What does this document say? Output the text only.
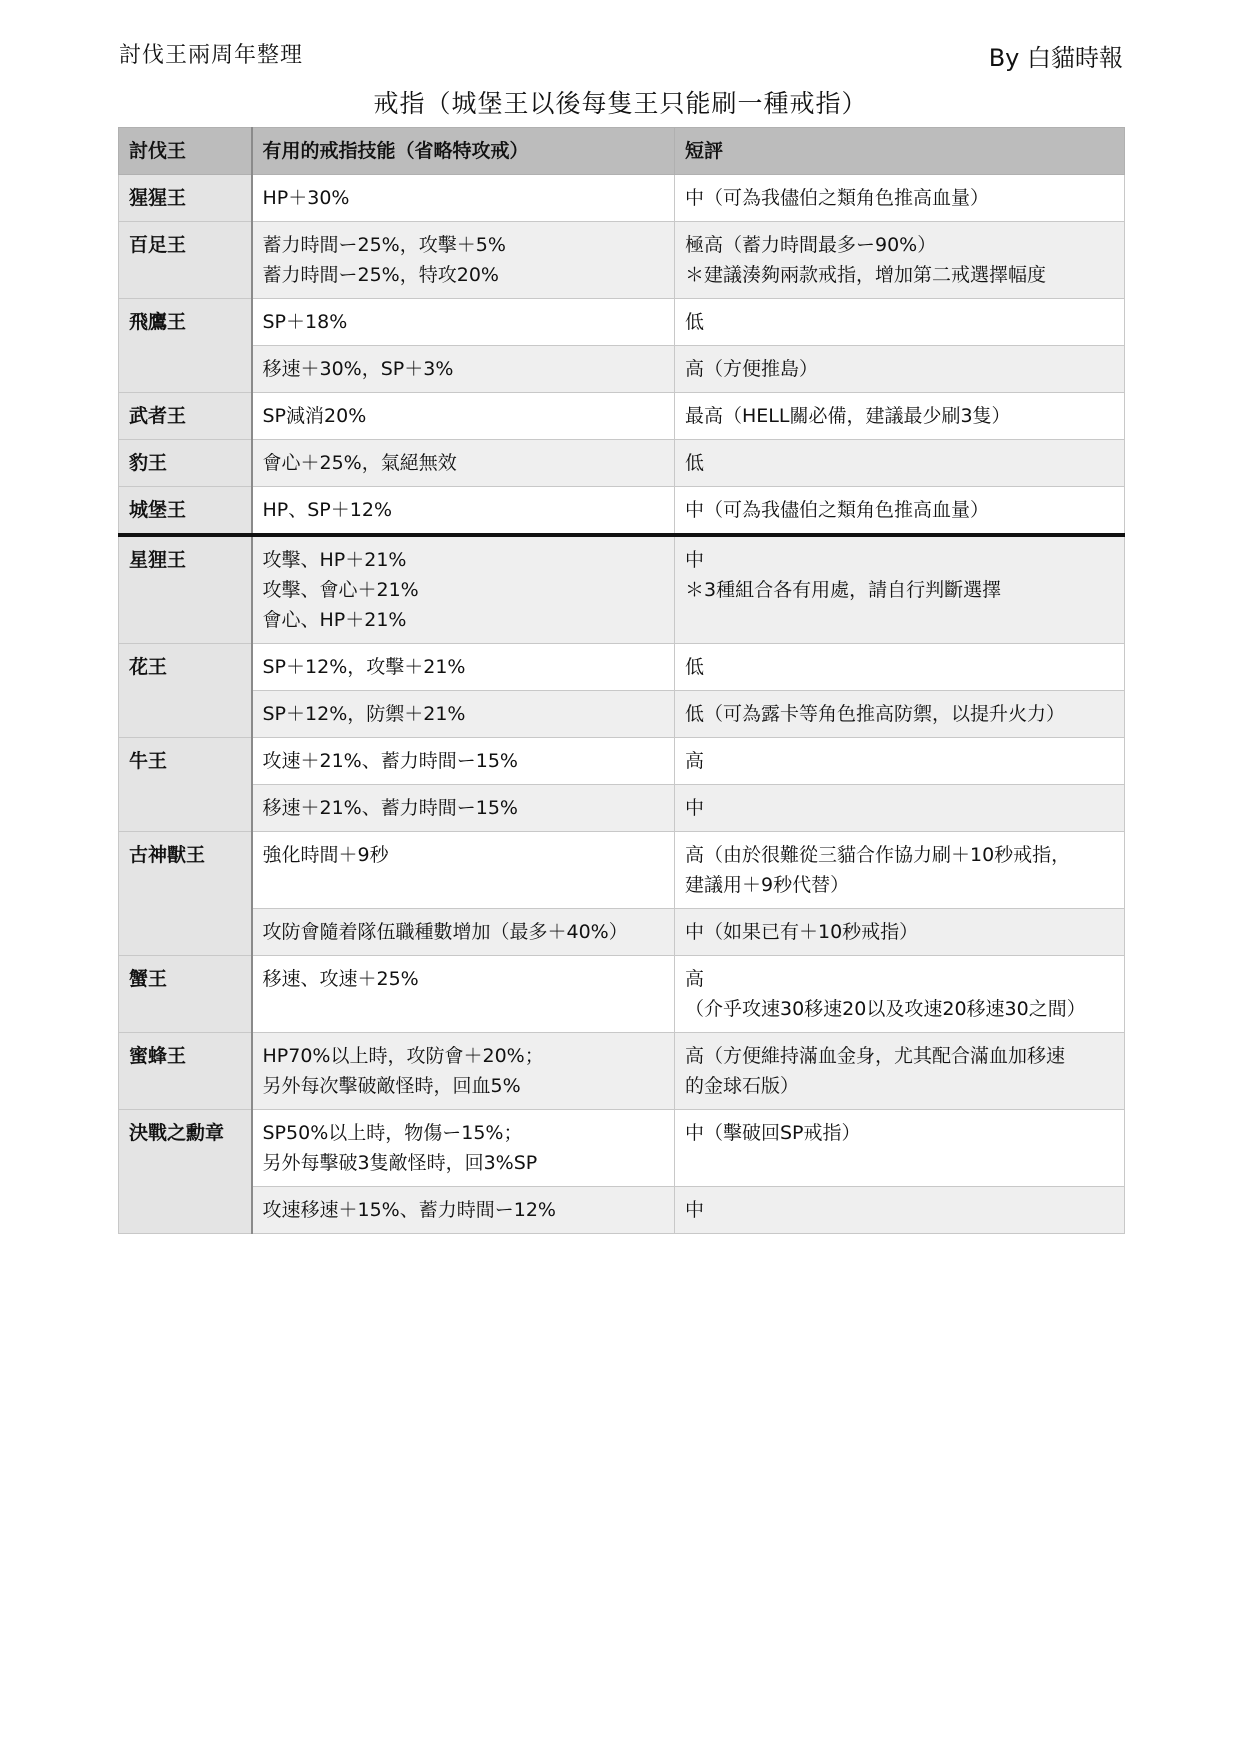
討伐王兩周年整理	By 白貓時報
戒指（城堡王以後每隻王只能刷一種戒指）
討伐王	有用的戒指技能（省略特攻戒）	短評
猩猩王	HP＋30%	中（可為我儘伯之類角色推高血量）

百足王	蓄力時間ー25%，攻擊＋5%
蓄力時間ー25%，特攻20%	極高（蓄力時間最多ー90%）
＊建議湊夠兩款戒指，增加第二戒選擇幅度

飛鷹王	SP＋18%	低

	移速＋30%，SP＋3%	高（方便推島）

武者王	SP減消20%	最高（HELL關必備，建議最少刷3隻）

豹王	會心＋25%，氣絕無效	低

城堡王	HP、SP＋12%	中（可為我儘伯之類角色推高血量）

星狸王	攻擊、HP＋21%
攻擊、會心＋21%
會心、HP＋21%	中
＊3種組合各有用處，請自行判斷選擇

花王	SP＋12%，攻擊＋21%	低

	SP＋12%，防禦＋21%	低（可為露卡等角色推高防禦，以提升火力）

牛王	攻速＋21%、蓄力時間ー15%	高

	移速＋21%、蓄力時間ー15%	中

古神獸王	強化時間＋9秒	高（由於很難從三貓合作協力刷＋10秒戒指，
建議用＋9秒代替）

	攻防會隨着隊伍職種數增加（最多＋40%）	中（如果已有＋10秒戒指）

蟹王	移速、攻速＋25%	高
（介乎攻速30移速20以及攻速20移速30之間）

蜜蜂王	HP70%以上時，攻防會＋20%；
另外每次擊破敵怪時，回血5%	高（方便維持滿血金身，尤其配合滿血加移速
的金球石版）

決戰之勳章	SP50%以上時，物傷ー15%；
另外每擊破3隻敵怪時，回3%SP	中（擊破回SP戒指）

	攻速移速＋15%、蓄力時間ー12%	中
